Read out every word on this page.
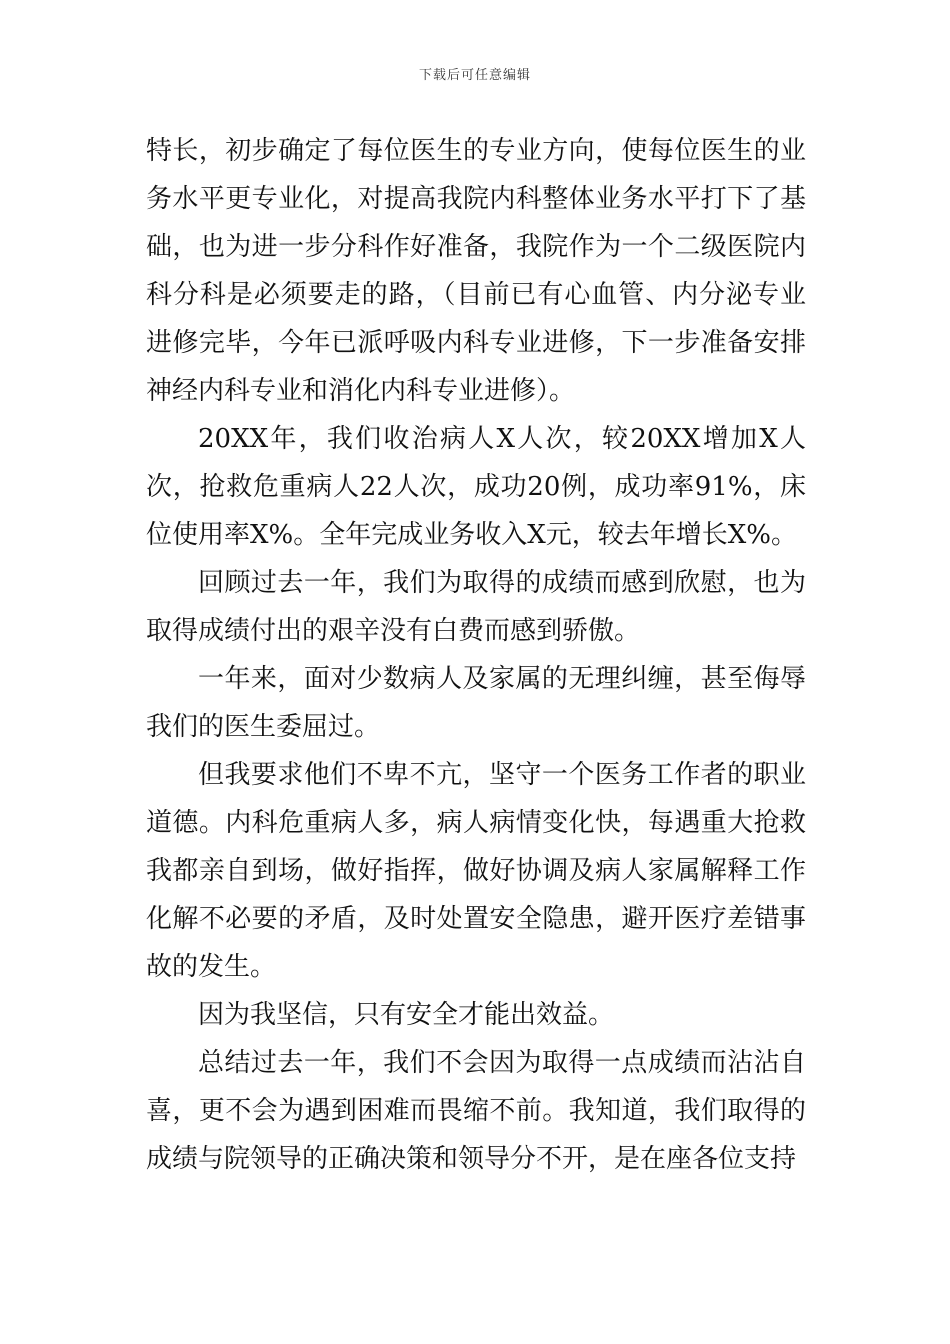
下载后可任意编辑

特长，初步确定了每位医生的专业方向，使每位医生的业务水平更专业化，对提高我院内科整体业务水平打下了基础，也为进一步分科作好准备，我院作为一个二级医院内科分科是必须要走的路，（目前已有心血管、内分泌专业进修完毕，今年已派呼吸内科专业进修，下一步准备安排神经内科专业和消化内科专业进修）。

20XX年，我们收治病人X人次，较20XX增加X人次，抢救危重病人22人次，成功20例，成功率91%，床位使用率X%。全年完成业务收入X元，较去年增长X%。

回顾过去一年，我们为取得的成绩而感到欣慰，也为取得成绩付出的艰辛没有白费而感到骄傲。

一年来，面对少数病人及家属的无理纠缠，甚至侮辱我们的医生委屈过。

但我要求他们不卑不亢，坚守一个医务工作者的职业道德。内科危重病人多，病人病情变化快，每遇重大抢救我都亲自到场，做好指挥，做好协调及病人家属解释工作化解不必要的矛盾，及时处置安全隐患，避开医疗差错事故的发生。

因为我坚信，只有安全才能出效益。

总结过去一年，我们不会因为取得一点成绩而沾沾自喜，更不会为遇到困难而畏缩不前。我知道，我们取得的成绩与院领导的正确决策和领导分不开，是在座各位支持
